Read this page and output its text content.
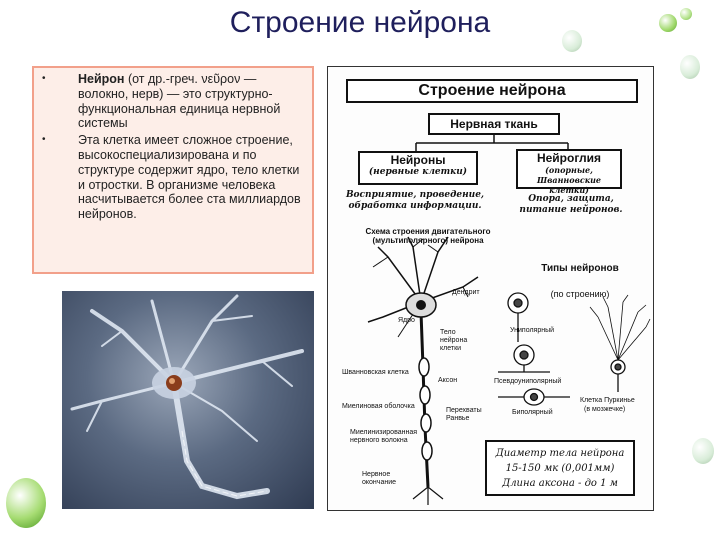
Строение нейрона
•	Нейрон (от др.-греч. νεῦρον — волокно, нерв) — это структурно-функциональная единица нервной системы
•	Эта клетка имеет сложное строение, высокоспециализирована и по структуре содержит ядро, тело клетки и отростки. В организме человека насчитывается более ста миллиардов нейронов.
Строение нейрона
Нервная ткань
Нейроны
(нервные клетки)
Нейроглия
(опорные, Шванновские клетки)
Восприятие, проведение, обработка информации.
Опора, защита, питание нейронов.
Схема строения двигательного (мультиполярного) нейрона
Типы нейронов
(по строению)
Дендрит
Ядро
Тело нейрона клетки
Шванновская клетка
Аксон
Миелиновая оболочка
Перехваты Ранвье
Миелинизированная нервного волокна
Нервное окончание
Униполярный
Псевдоуниполярный
Биполярный
Клетка Пуркинье
(в мозжечке)
Диаметр тела нейрона
15-150 мк (0,001мм)
Длина аксона - до 1 м
